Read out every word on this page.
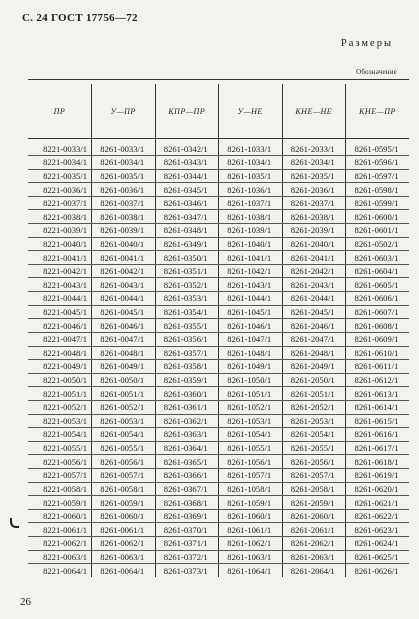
С. 24 ГОСТ 17756—72
Размеры
Обозначение
ПР	У—ПР	КПР—ПР	У—НЕ	КНЕ—НЕ	КНЕ—ПР
8221-0033/1	8261-0033/1	8261-0342/1	8261-1033/1	8261-2033/1	8261-0595/1
8221-0034/1	8261-0034/1	8261-0343/1	8261-1034/1	8261-2034/1	8261-0596/1
8221-0035/1	8261-0035/1	8261-0344/1	8261-1035/1	8261-2035/1	8261-0597/1
8221-0036/1	8261-0036/1	8261-0345/1	8261-1036/1	8261-2036/1	8261-0598/1
8221-0037/1	8261-0037/1	8261-0346/1	8261-1037/1	8261-2037/1	8261-0599/1
8221-0038/1	8261-0038/1	8261-0347/1	8261-1038/1	8261-2038/1	8261-0600/1
8221-0039/1	8261-0039/1	8261-0348/1	8261-1039/1	8261-2039/1	8261-0601/1
8221-0040/1	8261-0040/1	8261-6349/1	8261-1040/1	8261-2040/1	8261-0502/1
8221-0041/1	8261-0041/1	8261-0350/1	8261-1041/1	8261-2041/1	8261-0603/1
8221-0042/1	8261-0042/1	8261-0351/1	8261-1042/1	8261-2042/1	8261-0604/1
8221-0043/1	8261-0043/1	8261-0352/1	8261-1043/1	8261-2043/1	8261-0605/1
8221-0044/1	8261-0044/1	8261-0353/1	8261-1044/1	8261-2044/1	8261-0606/1
8221-0045/1	8261-0045/1	8261-0354/1	8261-1045/1	8261-2045/1	8261-0607/1
8221-0046/1	8261-0046/1	8261-0355/1	8261-1046/1	8261-2046/1	8261-0608/1
8221-0047/1	8261-0047/1	8261-0356/1	8261-1047/1	8261-2047/1	8261-0609/1
8221-0048/1	8261-0048/1	8261-0357/1	8261-1048/1	8261-2048/1	8261-0610/1
8221-0049/1	8261-0049/1	8261-0358/1	8261-1049/1	8261-2049/1	8261-0611/1
8221-0050/1	8261-0050/1	8261-0359/1	8261-1050/1	8261-2050/1	8261-0612/1
8221-0051/1	8261-0051/1	8261-0360/1	8261-1051/1	8261-2051/1	8261-0613/1
8221-0052/1	8261-0052/1	8261-0361/1	8261-1052/1	8261-2052/1	8261-0614/1
8221-0053/1	8261-0053/1	8261-0362/1	8261-1053/1	8261-2053/1	8261-0615/1
8221-0054/1	8261-0054/1	8261-0363/1	8261-1054/1	8261-2054/1	8261-0616/1
8221-0055/1	8261-0055/1	8261-0364/1	8261-1055/1	8261-2055/1	8261-0617/1
8221-0056/1	8261-0056/1	8261-0365/1	8261-1056/1	8261-2056/1	8261-0618/1
8221-0057/1	8261-0057/1	8261-0366/1	8261-1057/1	8261-2057/1	8261-0619/1
8221-0058/1	8261-0058/1	8261-0367/1	8261-1058/1	8261-2058/1	8261-0620/1
8221-0059/1	8261-0059/1	8261-0368/1	8261-1059/1	8261-2059/1	8261-0621/1
8221-0060/1	8261-0060/1	8261-0369/1	8261-1060/1	8261-2060/1	8261-0622/1
8221-0061/1	8261-0061/1	8261-0370/1	8261-1061/1	8261-2061/1	8261-0623/1
8221-0062/1	8261-0062/1	8261-0371/1	8261-1062/1	8261-2062/1	8261-0624/1
8221-0063/1	8261-0063/1	8261-0372/1	8261-1063/1	8261-2063/1	8261-0625/1
8221-0064/1	8261-0064/1	8261-0373/1	8261-1064/1	8261-2064/1	8261-0626/1
26
